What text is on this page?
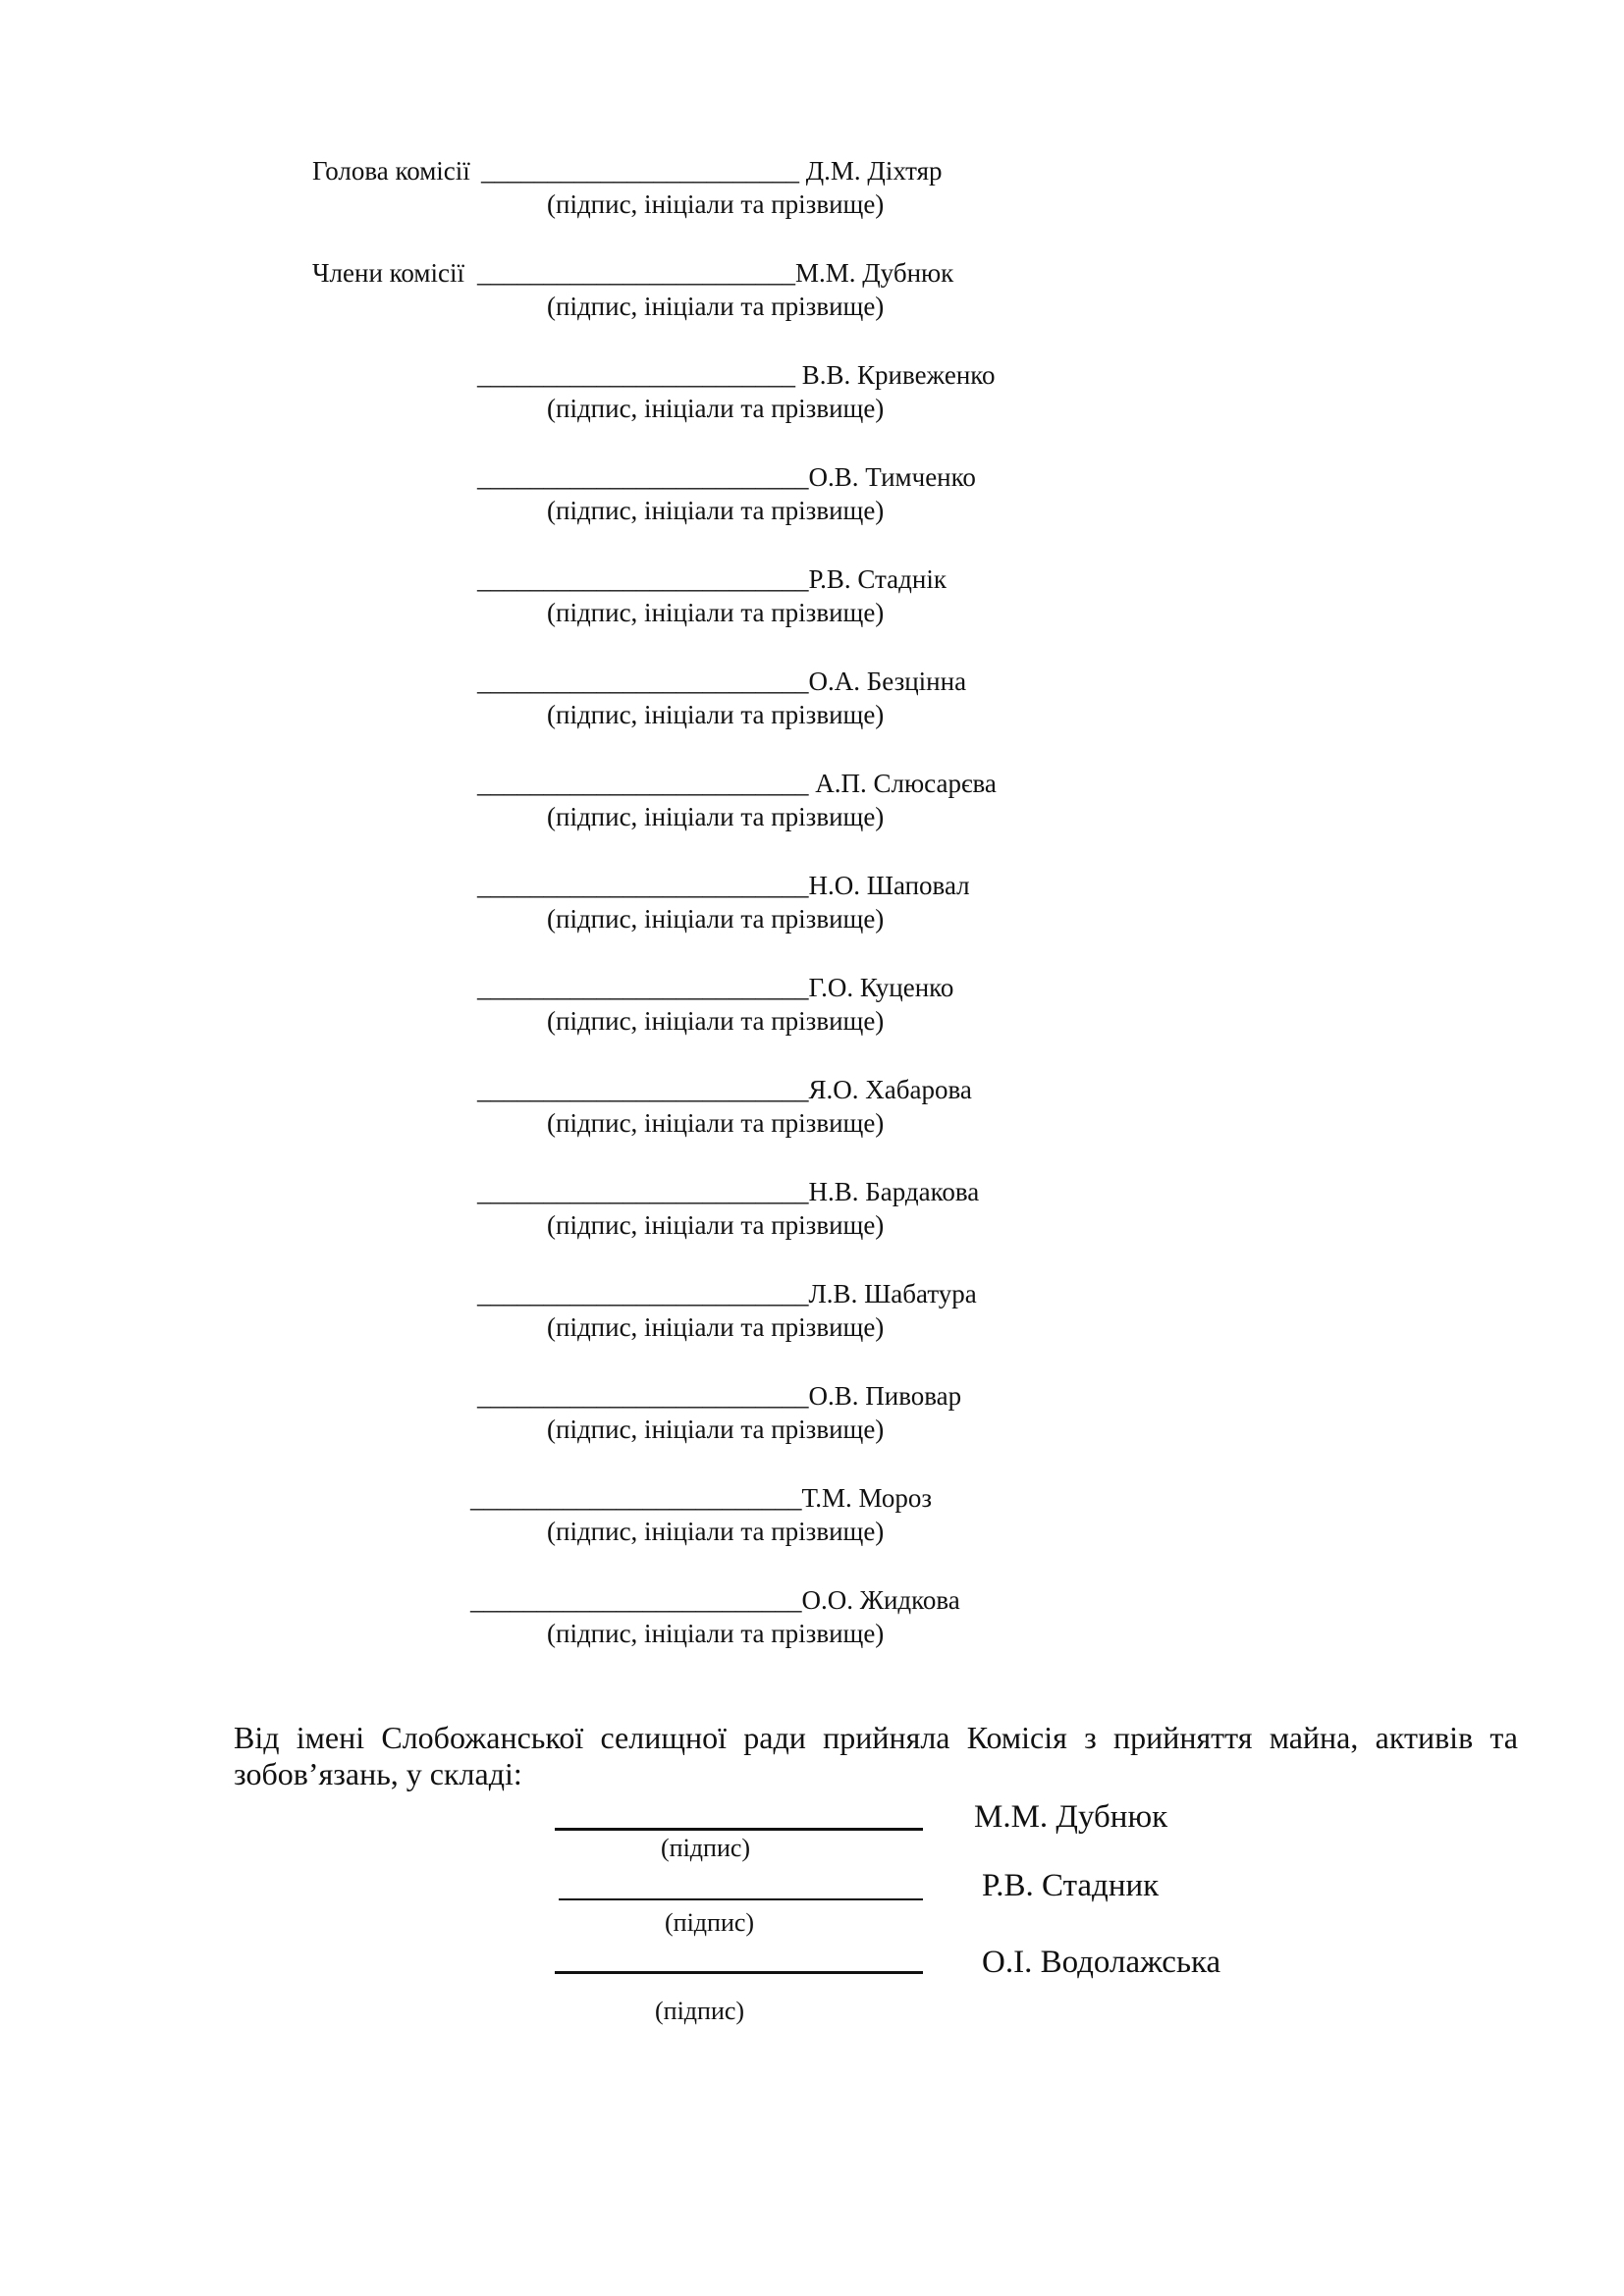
Голова комісії ________________________ Д.М. Діхтяр
(підпис, ініціали та прізвище)
Члени комісії ________________________М.М. Дубнюк
(підпис, ініціали та прізвище)
________________________ В.В. Кривеженко
(підпис, ініціали та прізвище)
_________________________О.В. Тимченко
(підпис, ініціали та прізвище)
_________________________Р.В. Стаднік
(підпис, ініціали та прізвище)
_________________________О.А. Безцінна
(підпис, ініціали та прізвище)
_________________________ А.П. Слюсарєва
(підпис, ініціали та прізвище)
_________________________Н.О. Шаповал
(підпис, ініціали та прізвище)
_________________________Г.О. Куценко
(підпис, ініціали та прізвище)
_________________________Я.О. Хабарова
(підпис, ініціали та прізвище)
_________________________Н.В. Бардакова
(підпис, ініціали та прізвище)
_________________________Л.В. Шабатура
(підпис, ініціали та прізвище)
_________________________О.В. Пивовар
(підпис, ініціали та прізвище)
_________________________Т.М. Мороз
(підпис, ініціали та прізвище)
_________________________О.О. Жидкова
(підпис, ініціали та прізвище)
Від імені Слобожанської селищної ради прийняла Комісія з прийняття майна, активів та зобов’язань, у складі:
М.М. Дубнюк
(підпис)
Р.В. Стадник
(підпис)
О.І. Водолажська
(підпис)
